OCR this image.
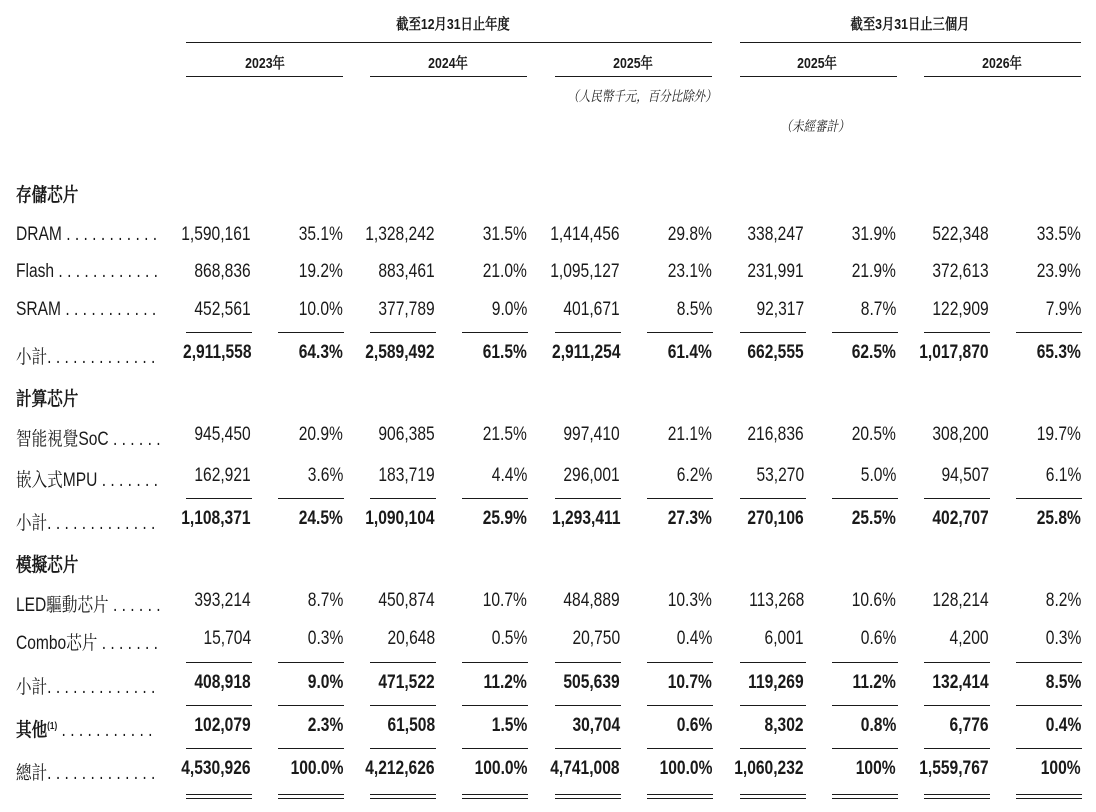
截至12月31日止年度	截至3月31日止三個月
2023年	2024年	2025年	2025年	2026年
（人民幣千元，百分比除外）
（未經審計）
存儲芯片
DRAM . . . . . . . . . . . 1,590,161	35.1% 1,328,242	31.5% 1,414,456	29.8% 338,247	31.9% 522,348	33.5%
Flash . . . . . . . . . . . . 868,836	19.2% 883,461	21.0% 1,095,127	23.1% 231,991	21.9% 372,613	23.9%
SRAM . . . . . . . . . . . 452,561	10.0% 377,789	9.0% 401,671	8.5% 92,317	8.7% 122,909	7.9%
小計. . . . . . . . . . . . . 2,911,558	64.3% 2,589,492	61.5% 2,911,254	61.4% 662,555	62.5% 1,017,870	65.3%
計算芯片
智能視覺SoC . . . . . . 945,450	20.9% 906,385	21.5% 997,410	21.1% 216,836	20.5% 308,200	19.7%
嵌入式MPU . . . . . . . 162,921	3.6% 183,719	4.4% 296,001	6.2% 53,270	5.0% 94,507	6.1%
小計. . . . . . . . . . . . . 1,108,371	24.5% 1,090,104	25.9% 1,293,411	27.3% 270,106	25.5% 402,707	25.8%
模擬芯片
LED驅動芯片 . . . . . . 393,214	8.7% 450,874	10.7% 484,889	10.3% 113,268	10.6% 128,214	8.2%
Combo芯片 . . . . . . . 15,704	0.3% 20,648	0.5% 20,750	0.4%	6,001	0.6%	4,200	0.3%
小計. . . . . . . . . . . . . 408,918	9.0% 471,522	11.2% 505,639	10.7% 119,269	11.2% 132,414	8.5%
其他$^{(1)}$ . . . . . . . . . . . 102,079	2.3% 61,508	1.5% 30,704	0.6%	8,302	0.8%	6,776	0.4%
總計. . . . . . . . . . . . . 4,530,926 100.0% 4,212,626 100.0% 4,741,008 100.0% 1,060,232	100% 1,559,767	100%
